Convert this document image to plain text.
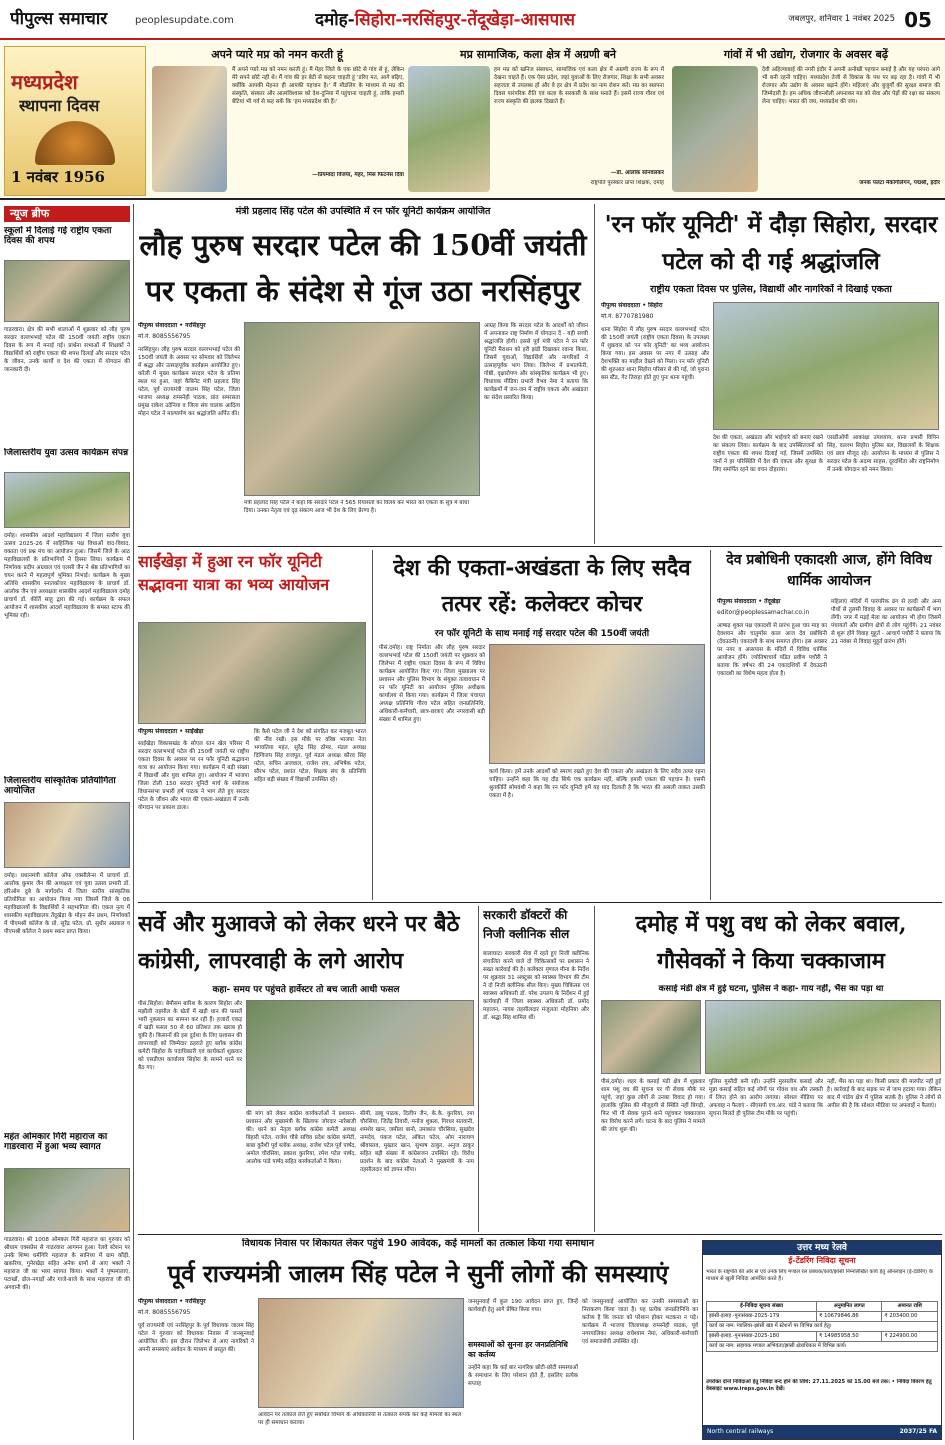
पीपुल्स समाचार	peoplesupdate.com	दमोह-सिहोरा-नरसिंहपुर-तेंदूखेड़ा-आसपास	जबलपुर, शनिवार 1 नवंबर 2025 05
मध्यप्रदेश
स्थापना दिवस
1 नवंबर 1956
अपने प्यारे मप्र को नमन करती हूं
मैं अपने प्यारे मप्र को नमन करती हूं। मैं मेहर जिले के एक छोटे से गांव से हूं, लेकिन मेरे सपने छोटे नहीं थे। मैं गांव की हर बेटी से कहना चाहती हूं 'डरिए मत, आगे बढ़िए, क्योंकि आपकी मेहनत ही आपकी पहचान है।' मैं मौडलिंग के माध्यम से मप्र की संस्कृति, संस्कार और आत्मविश्वास को देश-दुनिया में पहुंचाना चाहती हूं, ताकि हमारी बेटियां भी गर्व से कह सकें कि 'हम मध्यप्रदेश की हैं।'
—प्रियम्वदा विजया, मेहर, मिस फिटनेस दिवा
मप्र सामाजिक, कला क्षेत्र में अग्रणी बने
हम मप्र को खनिज संसाधन, सामाजिक एवं कला क्षेत्र में अग्रणी राज्य के रूप में देखना चाहते हैं। एक ऐसा प्रदेश, जहां युवाओं के लिए रोजगार, शिक्षा के सभी अवसर सहजता से उपलब्ध हों और वे हर क्षेत्र में प्रदेश का नाम रोशन करें। मप्र का स्थापना दिवस पारंपरिक रीति एवं कला के सरकारी के साथ मनाते हैं। इसमें राज्य गौरव एवं राज्य संस्कृति की झलक दिखाते हैं।
—डॉ. आलोक सोनवलकर
राष्ट्रपति पुरस्कार प्राप्त शिक्षक, दमोह
गांवों में भी उद्योग, रोजगार के अवसर बढ़ें
देवी अहिल्याबाई की नगरी इंदौर ने अपनी अनोखी पहचान बनाई है और यह परंपरा आगे भी बनी रहनी चाहिए। मध्यप्रदेश तेजी से विकास के पथ पर बढ़ रहा है। गांवों में भी रोजगार और उद्योग के अवसर बढ़ाने होंगे। महिलाएं और बुजुर्गों की सुरक्षा समाज की जिम्मेदारी है। हम अधिक जीवनशैली अपनाकर मप्र को सेवा और पेड़ों की रक्षा का संकल्प लेना चाहिए। भारत की जय, मध्यप्रदेश की जय।
जनक पलटा मैकगिलिगन, पद्मश्री, इंदौर
न्यूज ब्रीफ
स्कूलों में दिलाई गई राष्ट्रीय एकता दिवस की शपथ
गाडरवारा। क्षेत्र की सभी शालाओं में शुक्रवार को लौह पुरुष सरदार वल्लभभाई पटेल की 150वीं जयंती राष्ट्रीय एकता दिवस के रूप में मनाई गई। प्रार्थना सभाओं में शिक्षकों ने विद्यार्थियों को राष्ट्रीय एकता की शपथ दिलाई और सरदार पटेल के जीवन, उनके कार्यों व देश की एकता में योगदान की जानकारी दी।
जिलास्तरीय युवा उत्सव कार्यक्रम संपन्न
दमोह। शासकीय आदर्श महाविद्यालय में जिला स्तरीय युवा उत्सव 2025-26 में साहित्यिक पक्ष विधाओं वाद-विवाद, वक्तता एवं प्रश्न मंच का आयोजन हुआ। जिसमें जिले के आठ महाविद्यालयों के प्रतिभागियों ने हिस्सा लिया। कार्यक्रम में निर्णायक प्रदीप अग्रवाल एवं एलसी जैन ने श्रेष्ठ प्रतिभागियों का चयन करने में महत्वपूर्ण भूमिका निभाई। कार्यक्रम के मुख्य अतिथि शासकीय स्नातकोत्तर महाविद्यालय के प्राचार्य डॉ. आलोक जैन एवं अध्यक्षता शासकीय आदर्श महाविद्यालय दमोह प्राचार्य डॉ. कीर्ति साहू द्वारा की गई। कार्यक्रम के सफल आयोजन में शासकीय आदर्श महाविद्यालय के समस्त स्टाफ की भूमिका रही।
जिलास्तरीय सांस्कृतिक प्रतियोगिता आयोजित
दमोह। प्रधानमंत्री कॉलेज ऑफ एक्सीलेन्स में प्राचार्य डॉ. आलोक कुमार जैन की अध्यक्षता एवं युवा उत्सव प्रभारी डॉ. हरिओम दुबे के मार्गदर्शन में जिला स्तरीय सांस्कृतिक प्रतियोगिता का आयोजन किया गया जिसमें जिले के 06 महाविद्यालयों के विद्यार्थियों ने सहभागिता की। एकल नृत्य में शासकीय महाविद्यालय तेंदूखेड़ा के मोहन सेन प्रथम, निर्णायकों में पीएमश्री कॉलेज के प्रो. सुरेंद्र पटेल, प्रो. सुधीर अग्रवाल व पीएमश्री कॉलेज ने प्रथम स्थान प्राप्त किया।
महंत ओमकार गिरी महाराज का गाडरवारा में हुआ भव्य स्वागत
गाडरवारा। श्री 1008 ओमकार गिरी महाराज का गुरुवार को श्रीधाम एक्सप्रेस से गाडरवारा आगमन हुआ। रेलवे स्टेशन पर उनके शिष्य धर्मगिरि महाराज के सानिध्य में ग्राम कौंड़ी, खकरिया, गुनेरखेड़ा सहित अनेक ग्रामों से आए भक्तों ने महाराज जी का भव्य स्वागत किया। भक्तों ने पुष्पमालाएं, पटाखों, ढोल-नगाड़ों और गाजे-बाजे के साथ महाराज जी की अगवानी की।
मंत्री प्रहलाद सिंह पटेल की उपस्थिति में रन फॉर यूनिटी कार्यक्रम आयोजित
लौह पुरुष सरदार पटेल की 150वीं जयंती पर एकता के संदेश से गूंज उठा नरसिंहपुर
पीपुल्स संवाददाता • नरसिंहपुर
मो.नं. 8085556795
नरसिंहपुर। लौह पुरुष सरदार वल्लभभाई पटेल की 150वीं जयंती के अवसर पर सोमवार को जिलेभर में श्रद्धा और उत्साहपूर्वक कार्यक्रम आयोजित हुए। करेली में मुख्य कार्यक्रम सरदार पटेल के प्रतिमा स्थल पर हुआ, जहां कैबिनेट मंत्री प्रहलाद सिंह पटेल, पूर्व राज्यमंत्री जालम सिंह पटेल, जिला भाजपा अध्यक्ष रामस्नेही पाठक, प्रांत समरसता प्रमुख राकेश उदेनिया व जिला संघ चालक आदित्य मोहन पटेल ने माल्यार्पण कर श्रद्धांजलि अर्पित की।
मंत्री प्रहलाद सिंह पटेल ने कहा कि सरदार पटेल ने 565 रियासतों का विलय कर भारत को एकता के सूत्र में बांधा दिया। उनका नेतृत्व एवं दृढ़ संकल्प आज भी देश के लिए प्रेरणा है।
आग्रह किया कि सरदार पटेल के आदर्शों को जीवन में अपनाकर राष्ट्र निर्माण में योगदान दें - यही सच्ची श्रद्धांजलि होगी। इससे पूर्व मंत्री पटेल ने रन फॉर यूनिटी मैराथन को हरी झंडी दिखाकर रवाना किया, जिसमें युवाओं, विद्यार्थियों और नागरिकों ने उत्साहपूर्वक भाग लिया। जिलेभर में प्रभातफेरी, गोष्ठी, वृक्षारोपण और सांस्कृतिक कार्यक्रम भी हुए। विधायक मीडिया प्रभारी वैभव नेमा ने बताया कि कार्यक्रमों में जन-जन में राष्ट्रीय एकता और अखंडता का संदेश प्रसारित किया।
'रन फॉर यूनिटी' में दौड़ा सिहोरा, सरदार पटेल को दी गई श्रद्धांजलि
राष्ट्रीय एकता दिवस पर पुलिस, विद्यार्थी और नागरिकों ने दिखाई एकता
पीपुल्स संवाददाता • सिहोरा
मो.नं. 8770781980
थाना सिहोरा में लौह पुरुष सरदार वल्लभभाई पटेल की 150वीं जयंती (राष्ट्रीय एकता दिवस) के उपलक्ष्य में शुक्रवार को 'रन फॉर यूनिटी' का भव्य आयोजन किया गया। इस अवसर पर नगर में उत्साह और देशभक्ति का माहौल देखने को मिला। रन फॉर यूनिटी की शुरुआत थाना सिहोरा परिसर से की गई, जो पुराना बस स्टैंड, गेट तिराहा होते हुए पुनः थाना पहुंची।
देश की एकता, अखंडता और भाईचारे को बनाए रखने का संकल्प लिया। कार्यक्रम के बाद उपस्थितजनों को राष्ट्रीय एकता की शपथ दिलाई गई, जिसमें उपस्थित जनों ने हर परिस्थिति में देश की एकता और सुरक्षा के लिए समर्पित रहने का वचन दोहराया।
एसडीओपी आकांक्षा उपाध्याय, थाना प्रभारी विपिन सिंह, वल्लभ सिहोरा पुलिस बल, विद्यालयों के शिक्षक एवं छात्र मौजूद रहे। आयोजन के माध्यम से पुलिस ने सरदार पटेल के अदम्य साहस, दूरदर्शिता और राष्ट्रनिर्माण में उनके योगदान को नमन किया।
साईंखेड़ा में हुआ रन फॉर यूनिटी सद्भावना यात्रा का भव्य आयोजन
पीपुल्स संवाददाता • साईंखेड़ा
साईंखेड़ा विकासखंड के सोएल रतन खेल परिसर में सरदार वल्लभभाई पटेल की 150वीं जयंती पर राष्ट्रीय एकता दिवस के अवसर पर रन फॉर यूनिटी सद्भावना यात्रा का आयोजन किया गया। कार्यक्रम में बड़ी संख्या में विद्यार्थी और युवा शामिल हुए। आयोजन में भाजपा जिला टोली 150 सरदार यूनिटी मार्च के संयोजक विधानसभा प्रभारी हर्ष पाठक ने भाग लेते हुए सरदार पटेल के जीवन और भारत की एकता-अखंडता में उनके योगदान पर प्रकाश डाला।
कि कैसे पटेल जी ने देश को संगठित कर मजबूत भारत की नींव रखी। इस मौके पर वरिष्ठ भाजपा नेता भगवतिया महंत, सुरेंद्र सिंह ठोमर, मंडल अध्यक्ष दिग्विजय सिंह राजपूत, पूर्व मंडल अध्यक्ष कौरव सिंह पटेल, सचिन अजवाल, राजेश राय, अभिषेक पटेल, सौरभ पटेल, प्रशांत पटेल, शिक्षक संघ के प्रतिनिधि सहित बड़ी संख्या में विद्यार्थी उपस्थित रहे।
देश की एकता-अखंडता के लिए सदैव तत्पर रहें: कलेक्टर कोचर
रन फॉर यूनिटी के साथ मनाई गई सरदार पटेल की 150वीं जयंती
पीसं.दमोह। राष्ट्र निर्माता और लौह पुरुष सरदार वल्लभभाई पटेल की 150वीं जयंती पर शुक्रवार को जिलेभर में राष्ट्रीय एकता दिवस के रूप में विविध कार्यक्रम आयोजित किए गए। जिला मुख्यालय पर प्रशासन और पुलिस विभाग के संयुक्त तत्वावधान में रन फॉर यूनिटी का आयोजन पुलिस अधीक्षक कार्यालय से किया गया। कार्यक्रम में जिला पंचायत अध्यक्ष प्रतिनिधि गौरव पटेल सहित जनप्रतिनिधि, अधिकारी-कर्मचारी, छात्र-छात्राएं और नगरवासी बड़ी संख्या में शामिल हुए।
कार्य किया। हमें उनके आदर्शों को स्मरण रखते हुए देश की एकता और अखंडता के लिए सदैव तत्पर रहना चाहिए। उन्होंने कहा कि यह दौड़ सिर्फ एक कार्यक्रम नहीं, बल्कि हमारी एकता की पहचान है। एसपी श्रुतकीर्ति सोमवंशी ने कहा कि रन फॉर यूनिटी हमें यह याद दिलाती है कि भारत की असली ताकत उसकी एकता में है।
देव प्रबोधिनी एकादशी आज, होंगे विविध धार्मिक आयोजन
पीपुल्स संवाददाता • तेंदूखेड़ा
editor@peoplessamachar.co.in
आषाढ़ शुक्ल पक्ष एकादशी से प्रारंभ हुआ चार माह का देवशयन और चातुर्मास काल आज देव प्रबोधिनी (देवउठनी) एकादशी के साथ समाप्त होगा। इस अवसर पर नगर व आसपास के मंदिरों में विविध धार्मिक आयोजन होंगे। ज्योतिषाचार्य पंडित प्रवीण पचौरी ने बताया कि वर्षभर की 24 एकादशियों में देवउठनी एकादशी का विशेष महत्व होता है।
महिलाएं मंदिरों में पारंपरिक ढंग से हल्दी और अन्य पौधों से तुलसी विवाह के अवसर पर कार्यक्रमों में भाग लेंगी। नगर में मड़ई मेला का आयोजन भी होगा जिसमें पंचायतों और ग्रामीण क्षेत्रों से लोग पहुंचेंगे। 21 नवंबर से शुरू होंगे विवाह मुहूर्त - आचार्य पचौरी ने बताया कि 21 नवंबर से विवाह मुहूर्त प्रारंभ होंगे।
सर्वे और मुआवजे को लेकर धरने पर बैठे कांग्रेसी, लापरवाही के लगे आरोप
कहा- समय पर पहुंचते हार्वेस्टर तो बच जाती आधी फसल
पीसं,सिहोरा। बेमौसम बारिश के कारण सिहोरा और मझौली तहसील के खेतों में खड़ी धान की फसलें भारी नुकसान का सामना कर रही हैं। हजारों एकड़ में खड़ी फसल 50 से 60 प्रतिशत तक खराब हो चुकी है। किसानों की इस दुर्दशा के लिए प्रशासन की लापरवाही को जिम्मेदार ठहराते हुए ब्लॉक कांग्रेस कमेटी सिहोरा के पदाधिकारी एवं कार्यकर्ता शुक्रवार को एसडीएम कार्यालय सिहोरा के सामने धरने पर बैठ गए।
की मांग को लेकर कांग्रेस कार्यकर्ताओं ने प्रशासन-प्रशासन और मुख्यमंत्री के खिलाफ जोरदार नारेबाजी की। धरने का नेतृत्व ब्लॉक कांग्रेस कमेटी अध्यक्ष बिहारी पटेल, राजेश चौबे सचिव प्रदेश कांग्रेस कमेटी, बाबा कुरैशी पूर्व ब्लॉक अध्यक्ष, राजेश पटेल पूर्व पार्षद, अमोल चौरसिया, प्रकाश कुररिया, रमेश पटेल पार्षद, आलोक पांडे पार्षद सहित कार्यकर्ताओं ने किया।
सीमी, डब्बू पाठक, दिलीप जैन, के.के. कुररिया, रमा चौरसिया, जितेंद्र तिवारी, मनोज शुक्ला, गिरधर सतवानी, शमशेर खान, जमीला बानो, उमाकांत चौरसिया, सुखदेव नामदेव, पंकज पटेल, अंकित पटेल, ओम नारायण श्रीवास्तव, मुख्तार खान, सुभाष ठाकुर, अनुज ठाकुर सहित बड़ी संख्या में कांग्रेसजन उपस्थित रहे। विरोध प्रदर्शन के बाद कांग्रेस नेताओं ने मुख्यमंत्री के नाम तहसीलदार को ज्ञापन सौंपा।
सरकारी डॉक्टरों की निजी क्लीनिक सील
बालाघाट। सरकारी सेवा में रहते हुए निजी क्लीनिक संचालित करने वाले दो चिकित्सकों पर प्रशासन ने सख्त कार्रवाई की है। कलेक्टर मृणाल मीना के निर्देश पर शुक्रवार 31 अक्टूबर को स्वास्थ्य विभाग की टीम ने दो निजी क्लीनिक सील किए। मुख्य चिकित्सा एवं स्वास्थ्य अधिकारी डॉ. परेश उपलप के निर्देशन में हुई कार्यवाही में जिला स्वास्थ्य अधिकारी डॉ. प्रमोद महाजन, नायब तहसीलदार मंजूलता मोहनिया और डॉ. श्रद्धा सिंह शामिल थीं।
दमोह में पशु वध को लेकर बवाल, गौसेवकों ने किया चक्काजाम
कसाई मंडी क्षेत्र में हुई घटना, पुलिस ने कहा- गाय नहीं, भैंस का पड़ा था
पीसं,दमोह। शहर के कसाई मंडी क्षेत्र में शुक्रवार शाम पशु वध की सूचना पर गौ सेवक मौके पर पहुंचे, जहां कुछ लोगों से उनका विवाद हो गया। हालांकि पुलिस की मौजूदगी से स्थिति नहीं बिगड़ी, फिर भी गौ सेवक पुराने थाने पहुंचकर चक्काजाम कर विरोध करने लगे। घटना के बाद पुलिस ने मामले की जांच शुरू की।
पुलिस मुस्तैदी बनी रही। उन्होंने मुरसलीम कसाई और मुन्ना कसाई सहित कई लोगों पर गोवंश वध और तस्करी में लिप्त होने का आरोप लगाया। सोशल मीडिया पर अफवाह न फैलाएं - सीएसपी एच.आर. पांडे ने बताया कि सूचना मिलते ही पुलिस टीम मौके पर पहुंची।
नहीं, भैंस का पड़ा था। किसी प्रकार की मारपीट नहीं हुई है। कार्रवाई के बाद सड़क पर से जाम हटाया गया। लेकिन बाद में पांडेय क्षेत्र में पुलिस सतर्क है। पुलिस ने लोगों से अपील की है कि सोशल मीडिया पर अफवाहें न फैलाएं।
विधायक निवास पर शिकायत लेकर पहुंचे 190 आवेदक, कई मामलों का तत्काल किया गया समाधान
पूर्व राज्यमंत्री जालम सिंह पटेल ने सुनीं लोगों की समस्याएं
पीपुल्स संवाददाता • नरसिंहपुर
मो.नं. 8085556795
पूर्व राज्यमंत्री एवं नरसिंहपुर के पूर्व विधायक जालम सिंह पटेल ने गुरुवार को विधायक निवास में जनसुनवाई आयोजित की। इस दौरान जिलेभर से आए नागरिकों ने अपनी समस्याएं आवेदन के माध्यम से प्रस्तुत कीं।
आवेदन पर तत्काल लेते हुए संबंधित विभाग के अधिकारियों से तत्काल संपर्क कर कई मामलों का स्थल पर ही समाधान कराया।
जनसुनवाई में कुल 190 आवेदन प्राप्त हुए, जिन्हें कार्यवाही हेतु आगे प्रेषित किया गया।
समस्याओं को सुनना हर जनप्रतिनिधि का कर्तव्य
उन्होंने कहा कि कई बार नागरिक छोटी-छोटी समस्याओं के समाधान के लिए परेशान होते हैं, इसलिए प्रत्येक सप्ताह
को जनसुनवाई आयोजित कर उनकी समस्याओं का निराकरण किया जाता है। यह प्रत्येक जनप्रतिनिधि का कर्तव्य है कि जनता को परेशान होकर भटकना न पड़े। कार्यक्रम में भाजपा जिलाध्यक्ष रामस्नेही पाठक, पूर्व नगरपालिका अध्यक्ष राधेश्याम नेमा, अधिकारी-कर्मचारी एवं समाजसेवी उपस्थित रहे।
उत्तर मध्य रेलवे
ई-टेंडरिंग निविदा सूचना
भारत के राष्ट्रपति की ओर से एवं उनके लिए मण्डल रेल प्रबंधक/कार्य/झांसी निम्नलिखित कार्य हेतु ऑनलाइन (ई-टेंडरिंग) के माध्यम से खुली निविदा आमंत्रित करते हैं।
ई-निविदा सूचना संख्या	अनुमानित लागत	अमानत राशि
झांसी-इलाह.-पुनःसंख्या-2025-179	₹ 10679846.86	₹ 203400.00
कार्य का नाम: ग्वालियर-झांसी खंड में स्टेशनों पर विभिन्न कार्य हेतु।		
झांसी-इलाह.-पुनःसंख्या-2025-180	₹ 14985958.50	₹ 224900.00
कार्य का नाम: सहायक मण्डल अभियंता/झांसी क्षेत्राधिकार में विभिन्न कार्य।		
उपरोक्त दोनों निविदाओं हेतु निविदा बन्द होने की तिथि: 27.11.2025 को 15.00 बजे तक। • निविदा विवरण हेतु वेबसाइट www.ireps.gov.in देखें।
North central railways	2037/25 FA
